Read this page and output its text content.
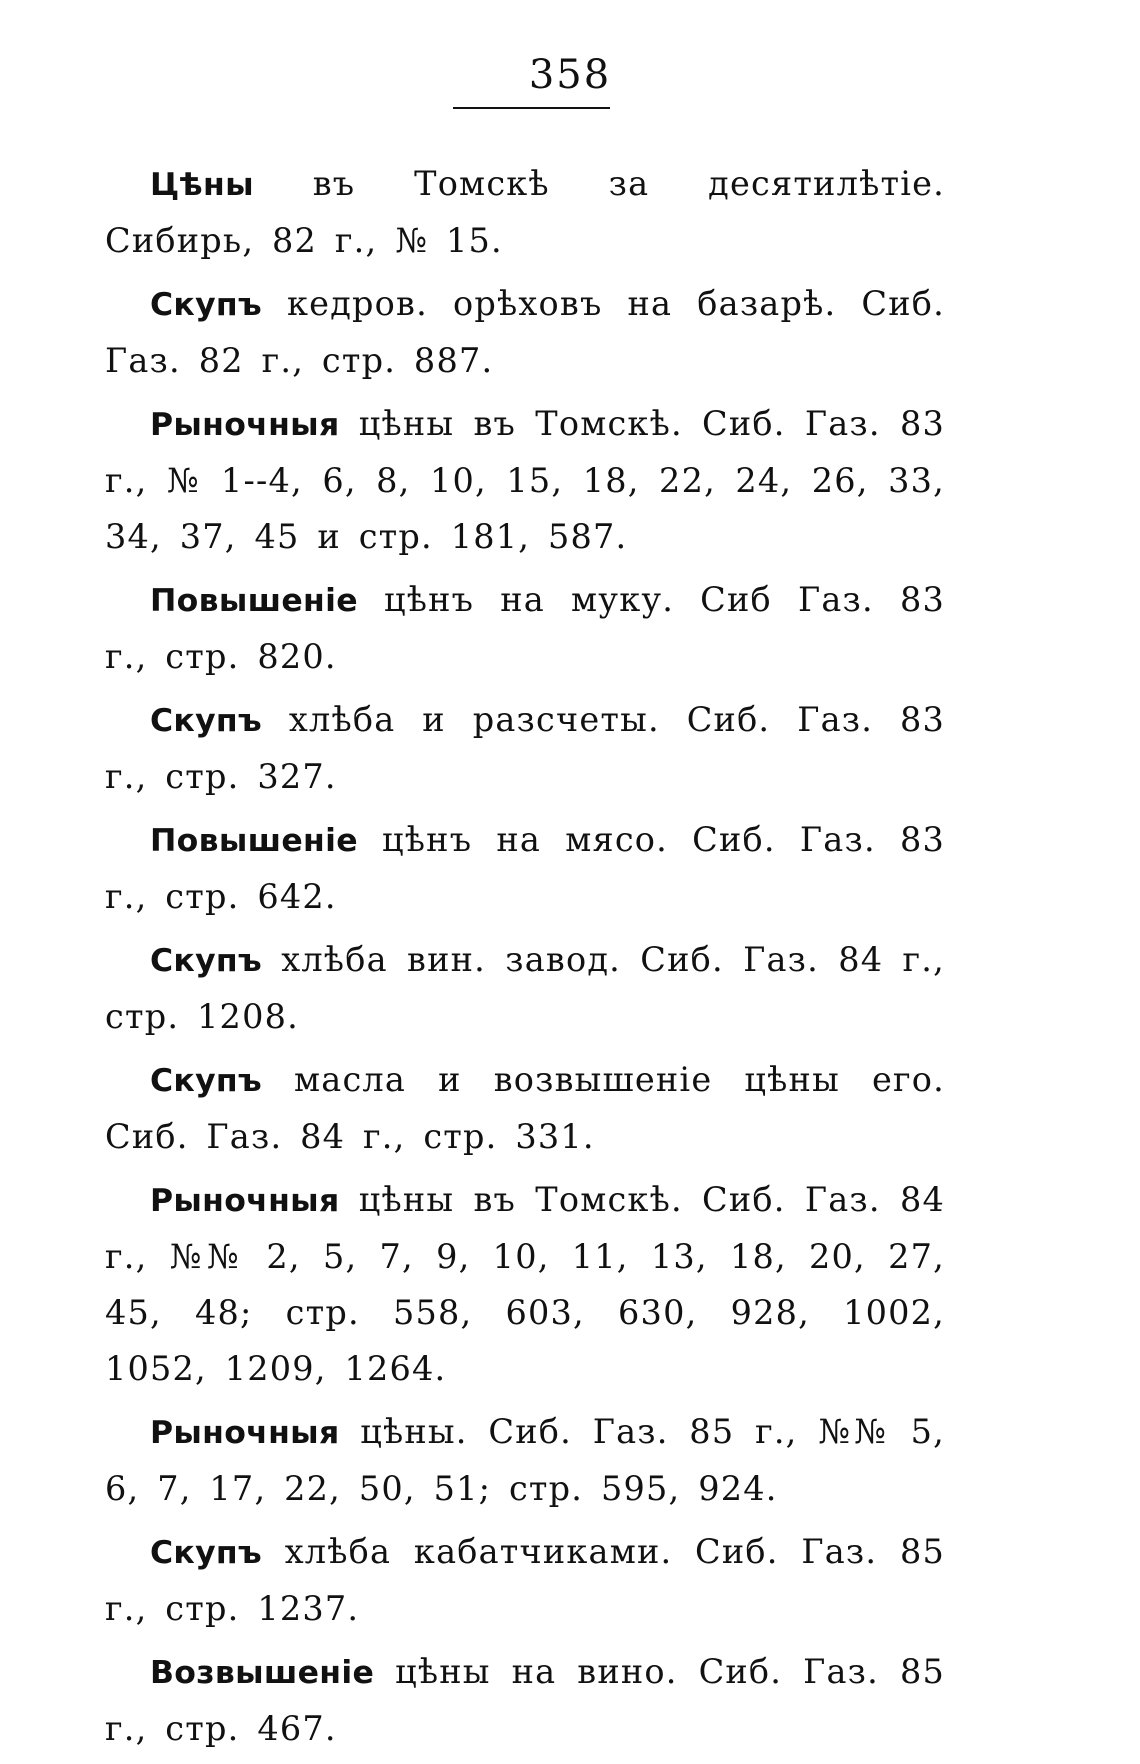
358

Цѣны въ Томскѣ за десятилѣтіе. Сибирь, 82 г., № 15.

Скупъ кедров. орѣховъ на базарѣ. Сиб. Газ. 82 г., стр. 887.

Рыночныя цѣны въ Томскѣ. Сиб. Газ. 83 г., № 1--4, 6, 8, 10, 15, 18, 22, 24, 26, 33, 34, 37, 45 и стр. 181, 587.

Повышеніе цѣнъ на муку. Сиб Газ. 83 г., стр. 820.

Скупъ хлѣба и разсчеты. Сиб. Газ. 83 г., стр. 327.

Повышеніе цѣнъ на мясо. Сиб. Газ. 83 г., стр. 642.

Скупъ хлѣба вин. завод. Сиб. Газ. 84 г., стр. 1208.

Скупъ масла и возвышеніе цѣны его. Сиб. Газ. 84 г., стр. 331.

Рыночныя цѣны въ Томскѣ. Сиб. Газ. 84 г., №№ 2, 5, 7, 9, 10, 11, 13, 18, 20, 27, 45, 48; стр. 558, 603, 630, 928, 1002, 1052, 1209, 1264.

Рыночныя цѣны. Сиб. Газ. 85 г., №№ 5, 6, 7, 17, 22, 50, 51; стр. 595, 924.

Скупъ хлѣба кабатчиками. Сиб. Газ. 85 г., стр. 1237.

Возвышеніе цѣны на вино. Сиб. Газ. 85 г., стр. 467.
